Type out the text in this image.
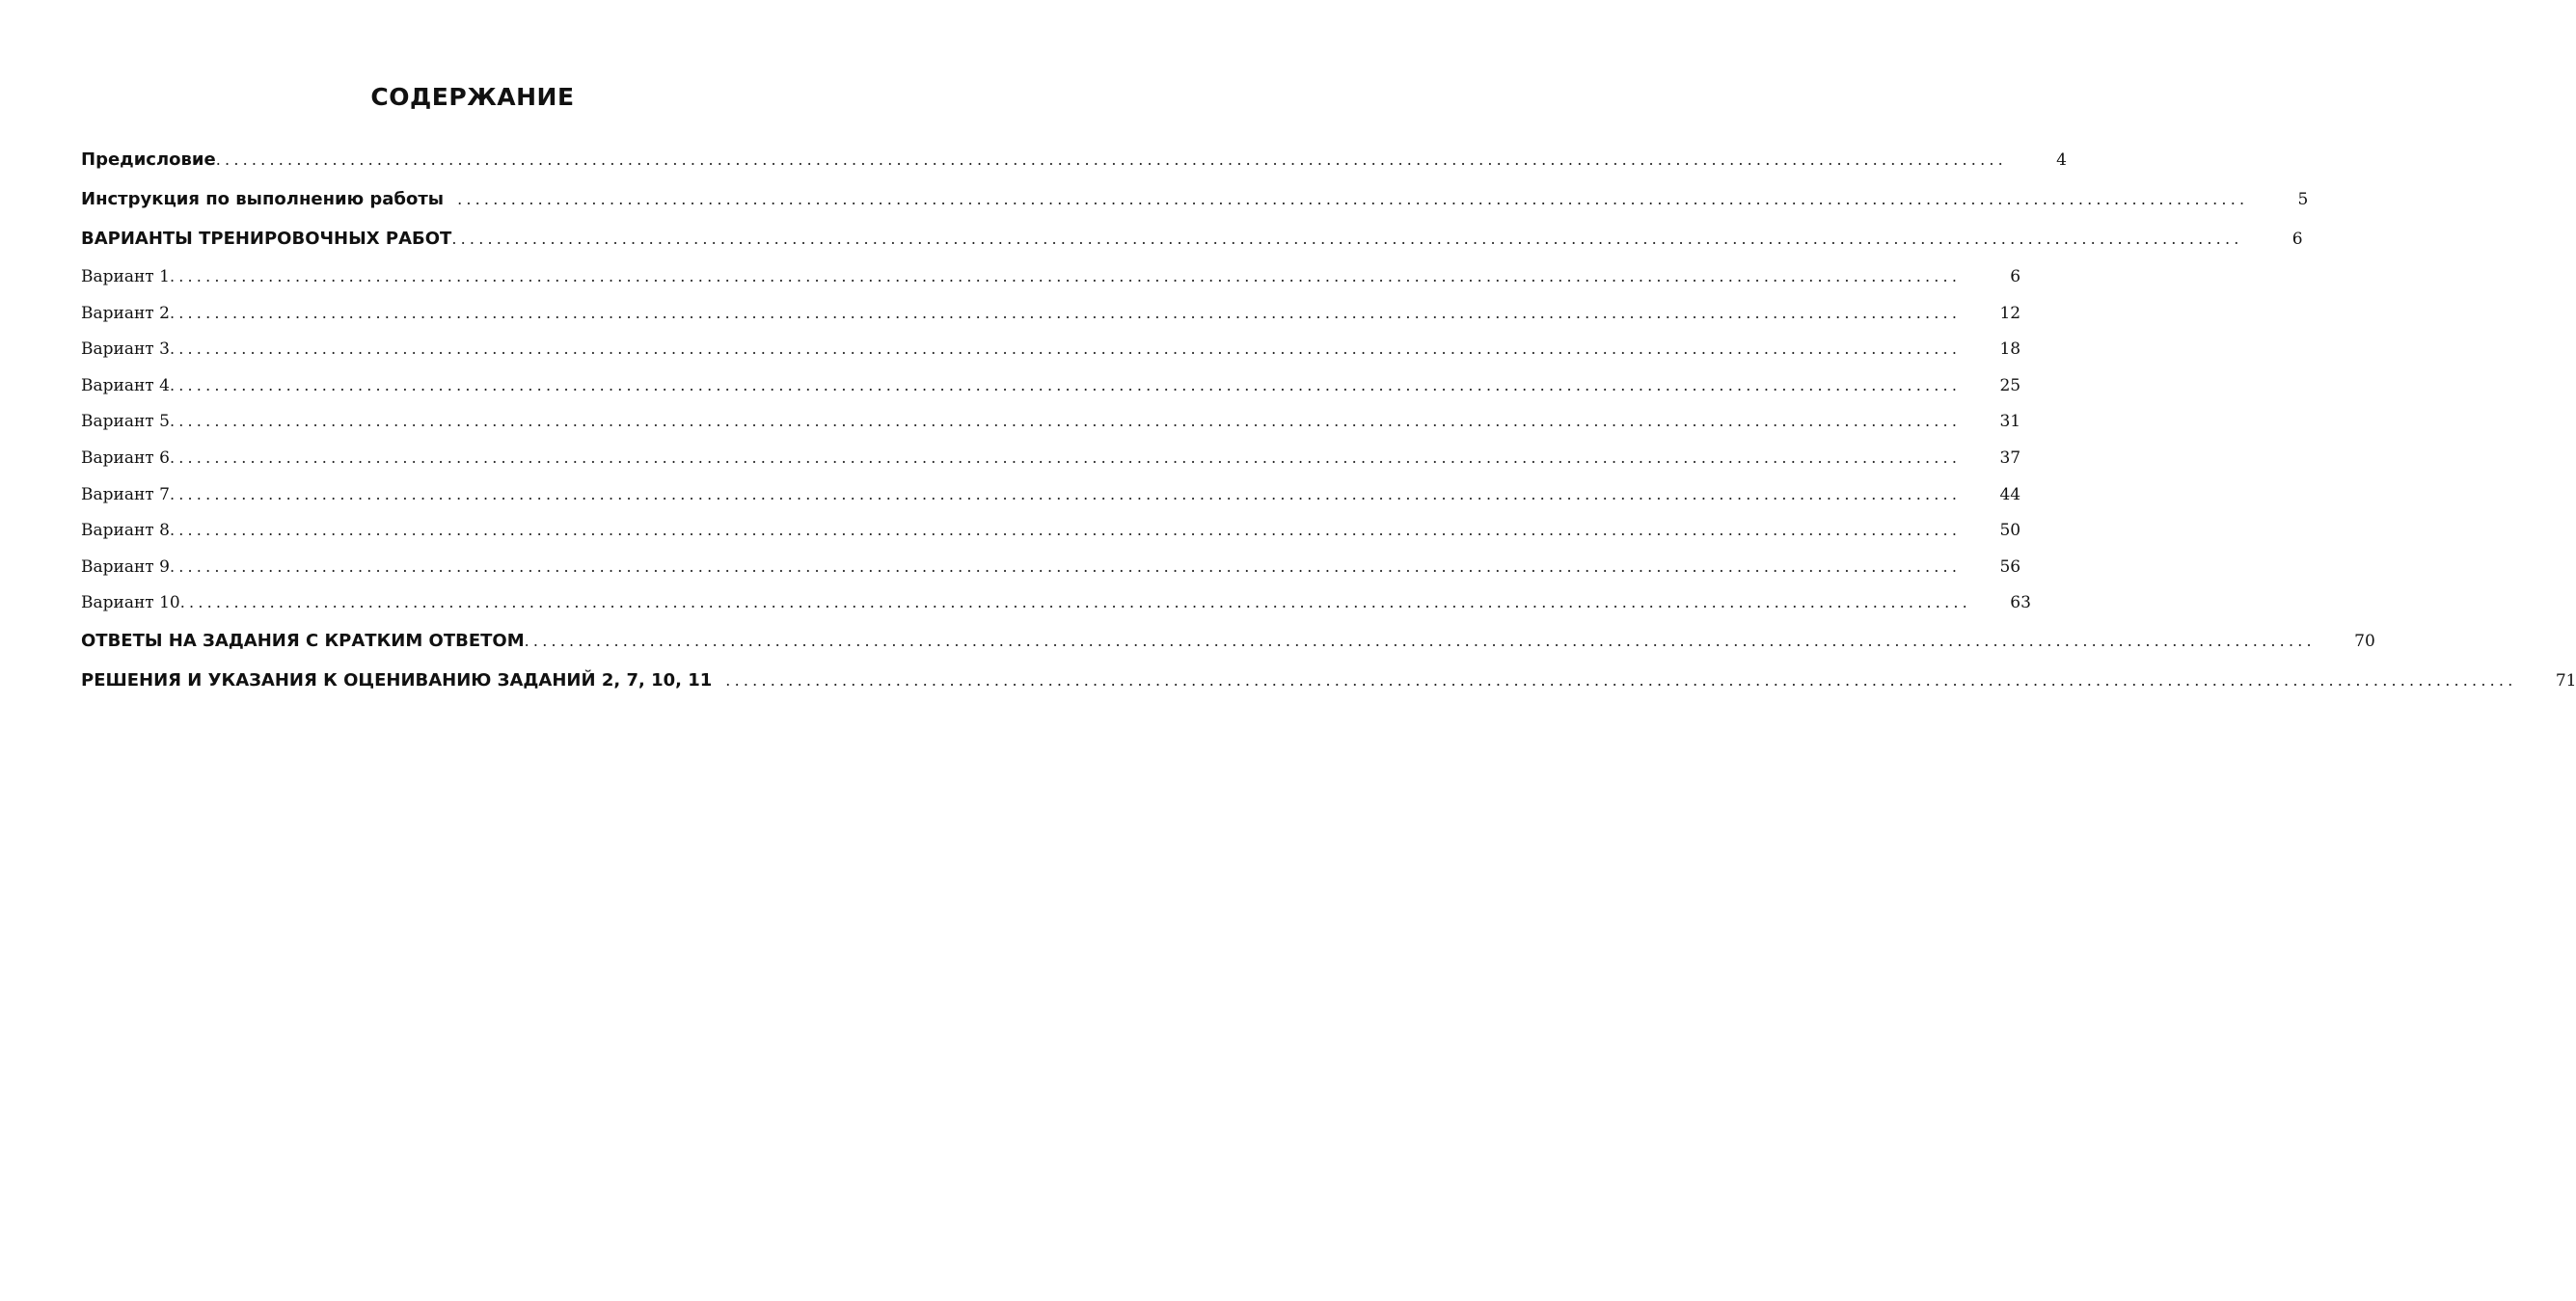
СОДЕРЖАНИЕ
Предисловие ........................................................................................................................................................................................................	4
Инструкция по выполнению работы ........................................................................................................................................................................................................	5
ВАРИАНТЫ ТРЕНИРОВОЧНЫХ РАБОТ ........................................................................................................................................................................................................	6
Вариант 1 ........................................................................................................................................................................................................	6
Вариант 2 ........................................................................................................................................................................................................	12
Вариант 3 ........................................................................................................................................................................................................	18
Вариант 4 ........................................................................................................................................................................................................	25
Вариант 5 ........................................................................................................................................................................................................	31
Вариант 6 ........................................................................................................................................................................................................	37
Вариант 7 ........................................................................................................................................................................................................	44
Вариант 8 ........................................................................................................................................................................................................	50
Вариант 9 ........................................................................................................................................................................................................	56
Вариант 10 ........................................................................................................................................................................................................	63
ОТВЕТЫ НА ЗАДАНИЯ С КРАТКИМ ОТВЕТОМ ........................................................................................................................................................................................................	70
РЕШЕНИЯ И УКАЗАНИЯ К ОЦЕНИВАНИЮ ЗАДАНИЙ 2, 7, 10, 11 ........................................................................................................................................................................................................	71
